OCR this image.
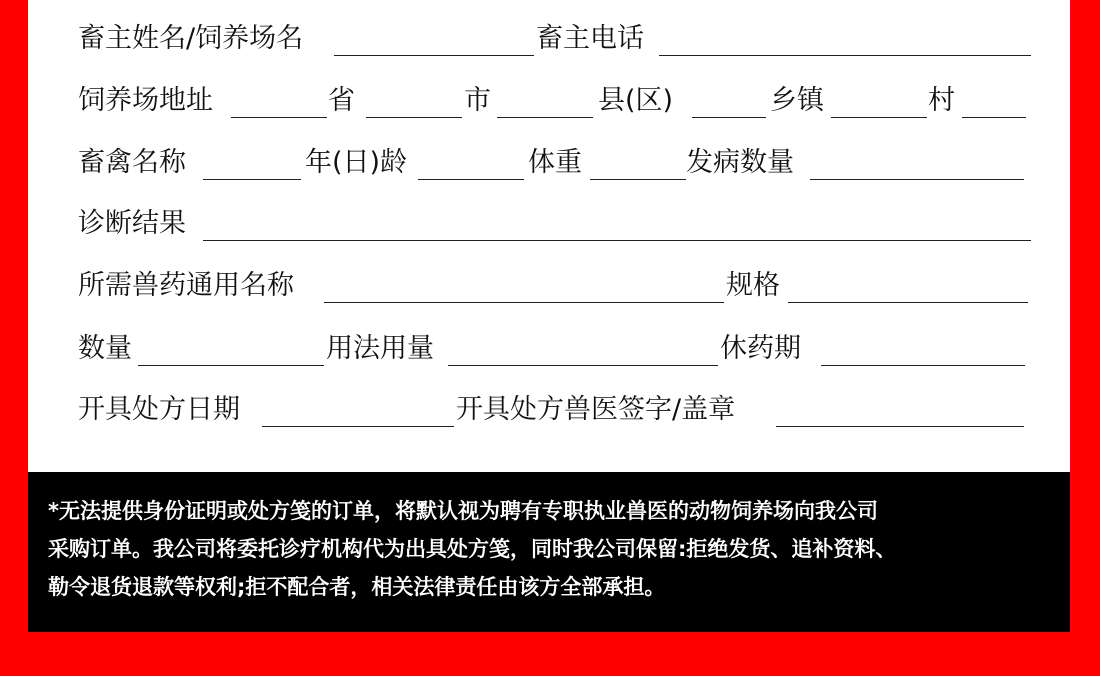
畜主姓名/饲养场名	畜主电话
饲养场地址	省	市	县(区)	乡镇	村
畜禽名称	年(日)龄	体重	发病数量
诊断结果
所需兽药通用名称	规格
数量	用法用量	休药期
开具处方日期	开具处方兽医签字/盖章
*无法提供身份证明或处方笺的订单，将默认视为聘有专职执业兽医的动物饲养场向我公司
采购订单。我公司将委托诊疗机构代为出具处方笺，同时我公司保留:拒绝发货、追补资料、
勒令退货退款等权利;拒不配合者，相关法律责任由该方全部承担。
